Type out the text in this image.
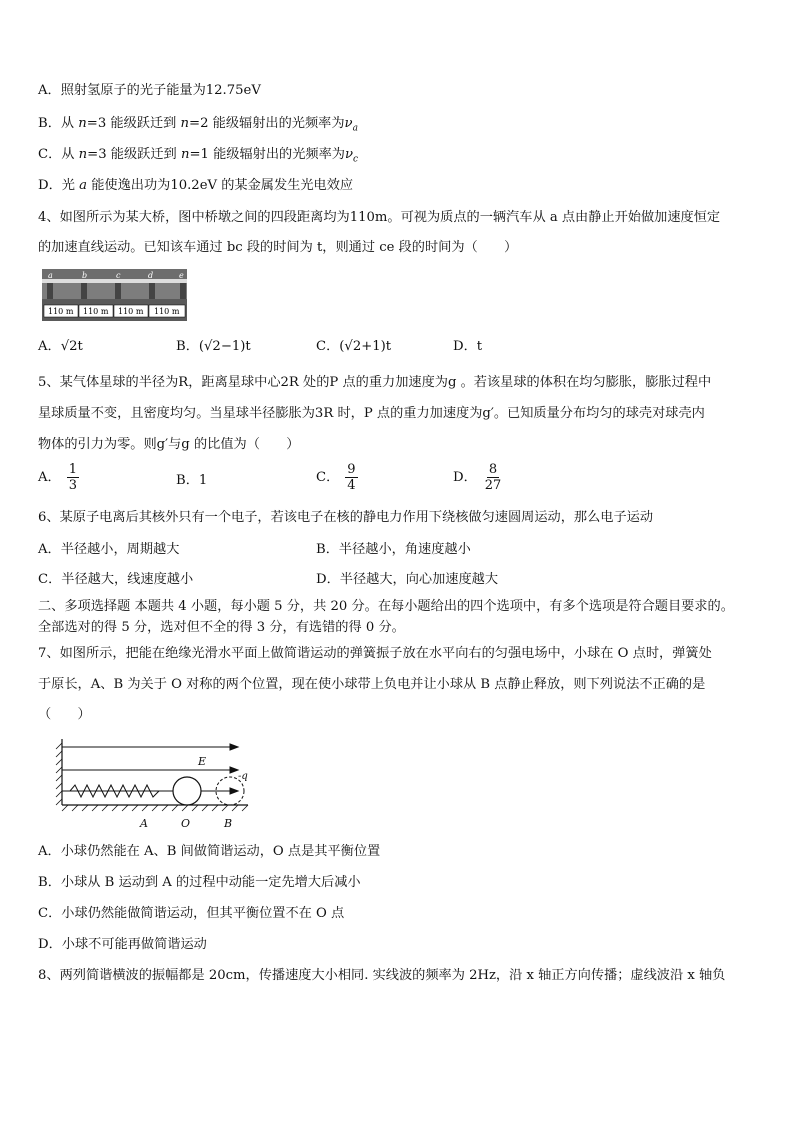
A．照射氢原子的光子能量为12.75eV
B．从 n=3 能级跃迁到 n=2 能级辐射出的光频率为$\nu_a$
C．从 n=3 能级跃迁到 n=1 能级辐射出的光频率为$\nu_c$
D．光 a 能使逸出功为10.2eV 的某金属发生光电效应
4、如图所示为某大桥，图中桥墩之间的四段距离均为110m。可视为质点的一辆汽车从 a 点由静止开始做加速度恒定
的加速直线运动。已知该车通过 bc 段的时间为 t，则通过 ce 段的时间为（　　）
a	b	c	d	e
110 m 110 m 110 m 110 m
A．√2t	B．(√2−1)t	C．(√2+1)t	D．t
5、某气体星球的半径为R，距离星球中心2R 处的P 点的重力加速度为g 。若该星球的体积在均匀膨胀，膨胀过程中
星球质量不变，且密度均匀。当星球半径膨胀为3R 时，P 点的重力加速度为g′。已知质量分布均匀的球壳对球壳内
物体的引力为零。则g′与g 的比值为（　　）
A． $\frac{1}{3}$	B．1	C． $\frac{9}{4}$	D． $\frac{8}{27}$
6、某原子电离后其核外只有一个电子，若该电子在核的静电力作用下绕核做匀速圆周运动，那么电子运动
A．半径越小，周期越大	B．半径越小，角速度越小
C．半径越大，线速度越小	D．半径越大，向心加速度越大
二、多项选择题 本题共 4 小题，每小题 5 分，共 20 分。在每小题给出的四个选项中，有多个选项是符合题目要求的。
全部选对的得 5 分，选对但不全的得 3 分，有选错的得 0 分。
7、如图所示，把能在绝缘光滑水平面上做简谐运动的弹簧振子放在水平向右的匀强电场中，小球在 O 点时，弹簧处
于原长，A、B 为关于 O 对称的两个位置，现在使小球带上负电并让小球从 B 点静止释放，则下列说法不正确的是
（　　）
E
-q
A	O	B
A．小球仍然能在 A、B 间做简谐运动，O 点是其平衡位置
B．小球从 B 运动到 A 的过程中动能一定先增大后减小
C．小球仍然能做简谐运动，但其平衡位置不在 O 点
D．小球不可能再做简谐运动
8、两列简谐横波的振幅都是 20cm，传播速度大小相同. 实线波的频率为 2Hz，沿 x 轴正方向传播；虚线波沿 x 轴负
